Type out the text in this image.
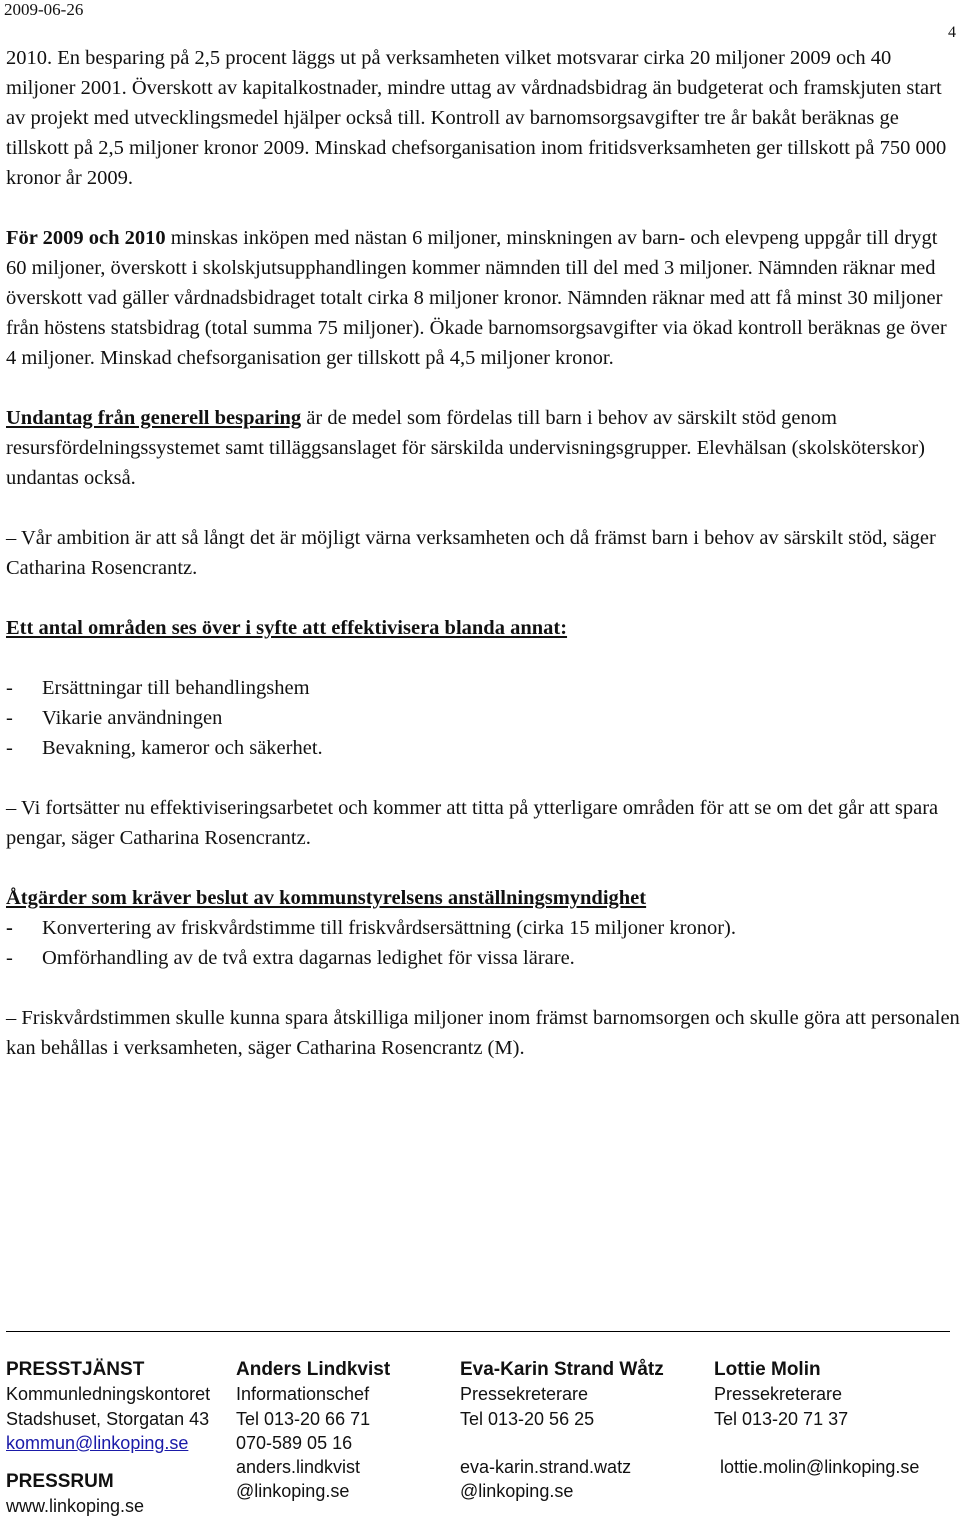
2009-06-26
4

2010. En besparing på 2,5 procent läggs ut på verksamheten vilket motsvarar cirka 20 miljoner 2009 och 40 miljoner 2001. Överskott av kapitalkostnader, mindre uttag av vårdnadsbidrag än budgeterat och framskjuten start av projekt med utvecklingsmedel hjälper också till. Kontroll av barnomsorgsavgifter tre år bakåt beräknas ge tillskott på 2,5 miljoner kronor 2009. Minskad chefsorganisation inom fritidsverksamheten ger tillskott på 750 000 kronor år 2009.

För 2009 och 2010 minskas inköpen med nästan 6 miljoner, minskningen av barn- och elevpeng uppgår till drygt 60 miljoner, överskott i skolskjutsupphandlingen kommer nämnden till del med 3 miljoner. Nämnden räknar med överskott vad gäller vårdnadsbidraget totalt cirka 8 miljoner kronor. Nämnden räknar med att få minst 30 miljoner från höstens statsbidrag (total summa 75 miljoner). Ökade barnomsorgsavgifter via ökad kontroll beräknas ge över 4 miljoner. Minskad chefsorganisation ger tillskott på 4,5 miljoner kronor.

Undantag från generell besparing är de medel som fördelas till barn i behov av särskilt stöd genom resursfördelningssystemet samt tilläggsanslaget för särskilda undervisningsgrupper. Elevhälsan (skolsköterskor) undantas också.

– Vår ambition är att så långt det är möjligt värna verksamheten och då främst barn i behov av särskilt stöd, säger Catharina Rosencrantz.

Ett antal områden ses över i syfte att effektivisera blanda annat:

- Ersättningar till behandlingshem

- Vikarie användningen

- Bevakning, kameror och säkerhet.

– Vi fortsätter nu effektiviseringsarbetet och kommer att titta på ytterligare områden för att se om det går att spara pengar, säger Catharina Rosencrantz.

Åtgärder som kräver beslut av kommunstyrelsens anställningsmyndighet

- Konvertering av friskvårdstimme till friskvårdsersättning (cirka 15 miljoner kronor).

- Omförhandling av de två extra dagarnas ledighet för vissa lärare.

– Friskvårdstimmen skulle kunna spara åtskilliga miljoner inom främst barnomsorgen och skulle göra att personalen kan behållas i verksamheten, säger Catharina Rosencrantz (M).

PRESSTJÄNST
Kommunledningskontoret
Stadshuset, Storgatan 43
kommun@linkoping.se
PRESSRUM
www.linkoping.se
Anders Lindkvist
Informationschef
Tel 013-20 66 71
070-589 05 16
anders.lindkvist
@linkoping.se
Eva-Karin Strand Wåtz
Pressekreterare
Tel 013-20 56 25
eva-karin.strand.watz
@linkoping.se
Lottie Molin
Pressekreterare
Tel 013-20 71 37
lottie.molin@linkoping.se
